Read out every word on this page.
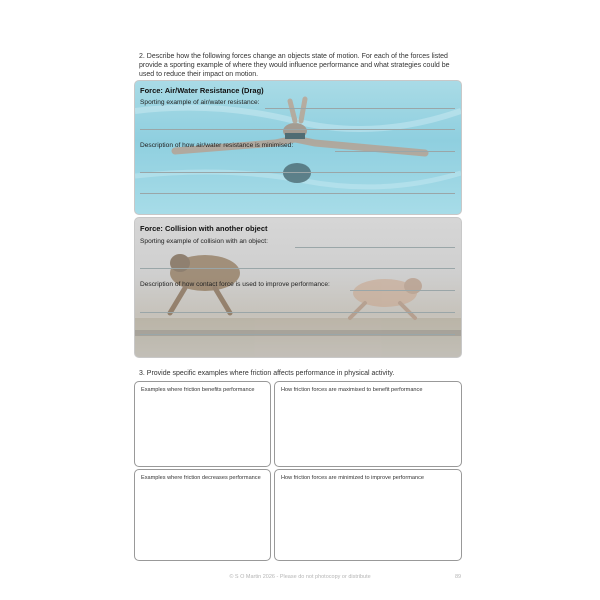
2. Describe how the following forces change an objects state of motion. For each of the forces listed provide a sporting example of where they would influence performance and what strategies could be used to reduce their impact on motion.
Force: Air/Water Resistance (Drag)
Sporting example of air/water resistance:
Description of how air/water resistance is minimised:
Force: Collision with another object
Sporting example of collision with an object:
Description of how contact force is used to improve performance:
3. Provide specific examples where friction affects performance in physical activity.
Examples where friction benefits performance	How friction forces are maximised to benefit performance
Examples where friction decreases performance	How friction forces are minimized to improve performance
© S O Martin 2026 - Please do not photocopy or distribute	89
